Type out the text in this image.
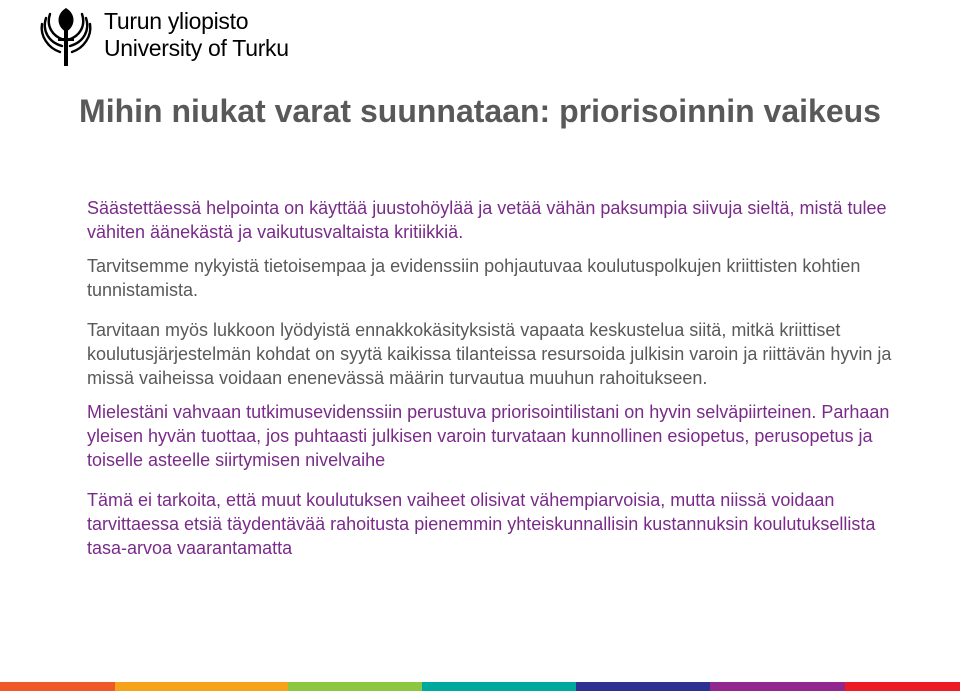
Turun yliopisto
University of Turku
Mihin niukat varat suunnataan: priorisoinnin vaikeus

Säästettäessä helpointa on käyttää juustohöylää ja vetää vähän paksumpia siivuja sieltä, mistä tulee vähiten äänekästä ja vaikutusvaltaista kritiikkiä.

Tarvitsemme nykyistä tietoisempaa ja evidenssiin pohjautuvaa koulutuspolkujen kriittisten kohtien tunnistamista.

Tarvitaan myös lukkoon lyödyistä ennakkokäsityksistä vapaata keskustelua siitä, mitkä kriittiset koulutusjärjestelmän kohdat on syytä kaikissa tilanteissa resursoida julkisin varoin ja riittävän hyvin ja missä vaiheissa voidaan enenevässä määrin turvautua muuhun rahoitukseen.

Mielestäni vahvaan tutkimusevidenssiin perustuva priorisointilistani on hyvin selväpiirteinen. Parhaan yleisen hyvän tuottaa, jos puhtaasti julkisen varoin turvataan kunnollinen esiopetus, perusopetus ja toiselle asteelle siirtymisen nivelvaihe

Tämä ei tarkoita, että muut koulutuksen vaiheet olisivat vähempiarvoisia, mutta niissä voidaan tarvittaessa etsiä täydentävää rahoitusta pienemmin yhteiskunnallisin kustannuksin koulutuksellista tasa-arvoa vaarantamatta
